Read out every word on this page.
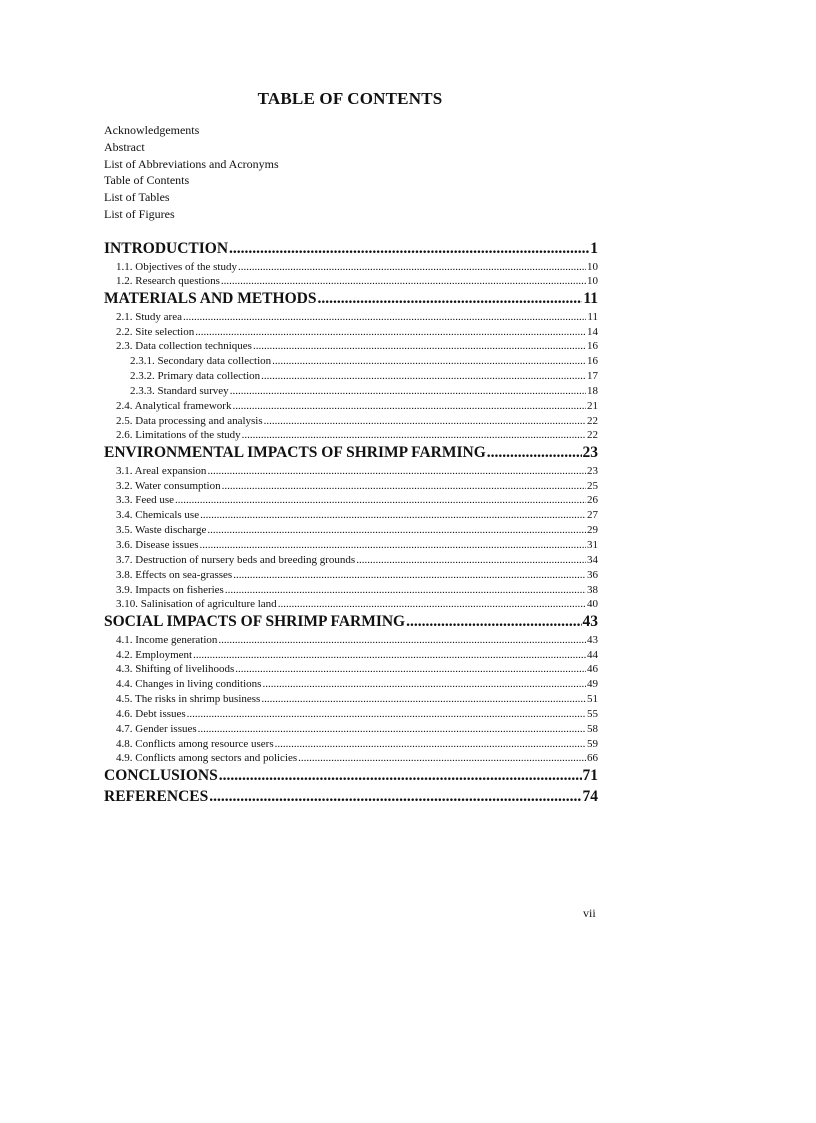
TABLE OF CONTENTS
Acknowledgements
Abstract
List of Abbreviations and Acronyms
Table of Contents
List of Tables
List of Figures
INTRODUCTION .....	1
1.1. Objectives of the study .....	10
1.2. Research questions .....	10
MATERIALS AND METHODS .....	11
2.1. Study area .....	11
2.2. Site selection .....	14
2.3. Data collection techniques .....	16
2.3.1. Secondary data collection .....	16
2.3.2. Primary data collection .....	17
2.3.3. Standard survey .....	18
2.4. Analytical framework .....	21
2.5. Data processing and analysis .....	22
2.6. Limitations of the study .....	22
ENVIRONMENTAL IMPACTS OF SHRIMP FARMING .....	23
3.1. Areal expansion .....	23
3.2. Water consumption .....	25
3.3. Feed use .....	26
3.4. Chemicals use .....	27
3.5. Waste discharge .....	29
3.6. Disease issues .....	31
3.7. Destruction of nursery beds and breeding grounds .....	34
3.8. Effects on sea-grasses .....	36
3.9. Impacts on fisheries .....	38
3.10. Salinisation of agriculture land .....	40
SOCIAL IMPACTS OF SHRIMP FARMING .....	43
4.1. Income generation .....	43
4.2. Employment .....	44
4.3. Shifting of livelihoods .....	46
4.4. Changes in living conditions .....	49
4.5. The risks in shrimp business .....	51
4.6. Debt issues .....	55
4.7. Gender issues .....	58
4.8. Conflicts among resource users .....	59
4.9. Conflicts among sectors and policies .....	66
CONCLUSIONS .....	71
REFERENCES .....	74
vii
